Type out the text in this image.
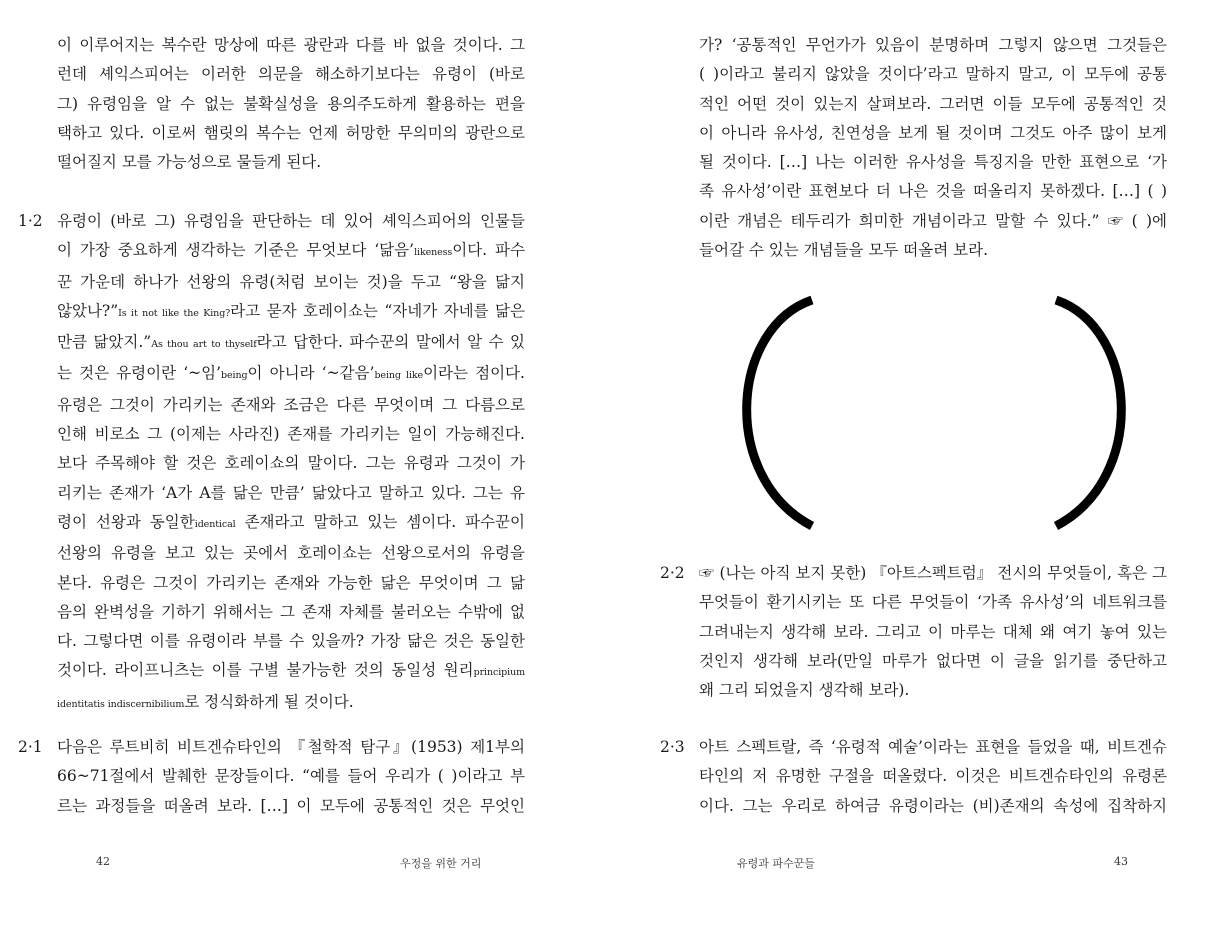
이 이루어지는 복수란 망상에 따른 광란과 다를 바 없을 것이다. 그
런데 셰익스피어는 이러한 의문을 해소하기보다는 유령이 (바로
그) 유령임을 알 수 없는 불확실성을 용의주도하게 활용하는 편을
택하고 있다. 이로써 햄릿의 복수는 언제 허망한 무의미의 광란으로
떨어질지 모를 가능성으로 물들게 된다.
1·2 유령이 (바로 그) 유령임을 판단하는 데 있어 셰익스피어의 인물들
이 가장 중요하게 생각하는 기준은 무엇보다 ‘닮음’likeness이다. 파수
꾼 가운데 하나가 선왕의 유령(처럼 보이는 것)을 두고 “왕을 닮지
않았나?”Is it not like the King?라고 묻자 호레이쇼는 “자네가 자네를 닮은
만큼 닮았지.”As thou art to thyself라고 답한다. 파수꾼의 말에서 알 수 있
는 것은 유령이란 ‘~임’being이 아니라 ‘~같음’being like이라는 점이다.
유령은 그것이 가리키는 존재와 조금은 다른 무엇이며 그 다름으로
인해 비로소 그 (이제는 사라진) 존재를 가리키는 일이 가능해진다.
보다 주목해야 할 것은 호레이쇼의 말이다. 그는 유령과 그것이 가
리키는 존재가 ‘A가 A를 닮은 만큼’ 닮았다고 말하고 있다. 그는 유
령이 선왕과 동일한identical 존재라고 말하고 있는 셈이다. 파수꾼이
선왕의 유령을 보고 있는 곳에서 호레이쇼는 선왕으로서의 유령을
본다. 유령은 그것이 가리키는 존재와 가능한 닮은 무엇이며 그 닮
음의 완벽성을 기하기 위해서는 그 존재 자체를 불러오는 수밖에 없
다. 그렇다면 이를 유령이라 부를 수 있을까? 가장 닮은 것은 동일한
것이다. 라이프니츠는 이를 구별 불가능한 것의 동일성 원리principium
identitatis indiscernibilium로 정식화하게 될 것이다.
2·1 다음은 루트비히 비트겐슈타인의 『철학적 탐구』(1953) 제1부의
66~71절에서 발췌한 문장들이다. “예를 들어 우리가 ( )이라고 부
르는 과정들을 떠올려 보라. […] 이 모두에 공통적인 것은 무엇인
42	우정을 위한 거리
가? ‘공통적인 무언가가 있음이 분명하며 그렇지 않으면 그것들은
( )이라고 불리지 않았을 것이다’라고 말하지 말고, 이 모두에 공통
적인 어떤 것이 있는지 살펴보라. 그러면 이들 모두에 공통적인 것
이 아니라 유사성, 친연성을 보게 될 것이며 그것도 아주 많이 보게
될 것이다. […] 나는 이러한 유사성을 특징지을 만한 표현으로 ‘가
족 유사성’이란 표현보다 더 나은 것을 떠올리지 못하겠다. […] ( )
이란 개념은 테두리가 희미한 개념이라고 말할 수 있다.” ☞ ( )에
들어갈 수 있는 개념들을 모두 떠올려 보라.
2·2 ☞ (나는 아직 보지 못한) 『아트스펙트럼』 전시의 무엇들이, 혹은 그
무엇들이 환기시키는 또 다른 무엇들이 ‘가족 유사성’의 네트워크를
그려내는지 생각해 보라. 그리고 이 마루는 대체 왜 여기 놓여 있는
것인지 생각해 보라(만일 마루가 없다면 이 글을 읽기를 중단하고
왜 그리 되었을지 생각해 보라).
2·3 아트 스펙트랄, 즉 ‘유령적 예술’이라는 표현을 들었을 때, 비트겐슈
타인의 저 유명한 구절을 떠올렸다. 이것은 비트겐슈타인의 유령론
이다. 그는 우리로 하여금 유령이라는 (비)존재의 속성에 집착하지
유령과 파수꾼들	43
